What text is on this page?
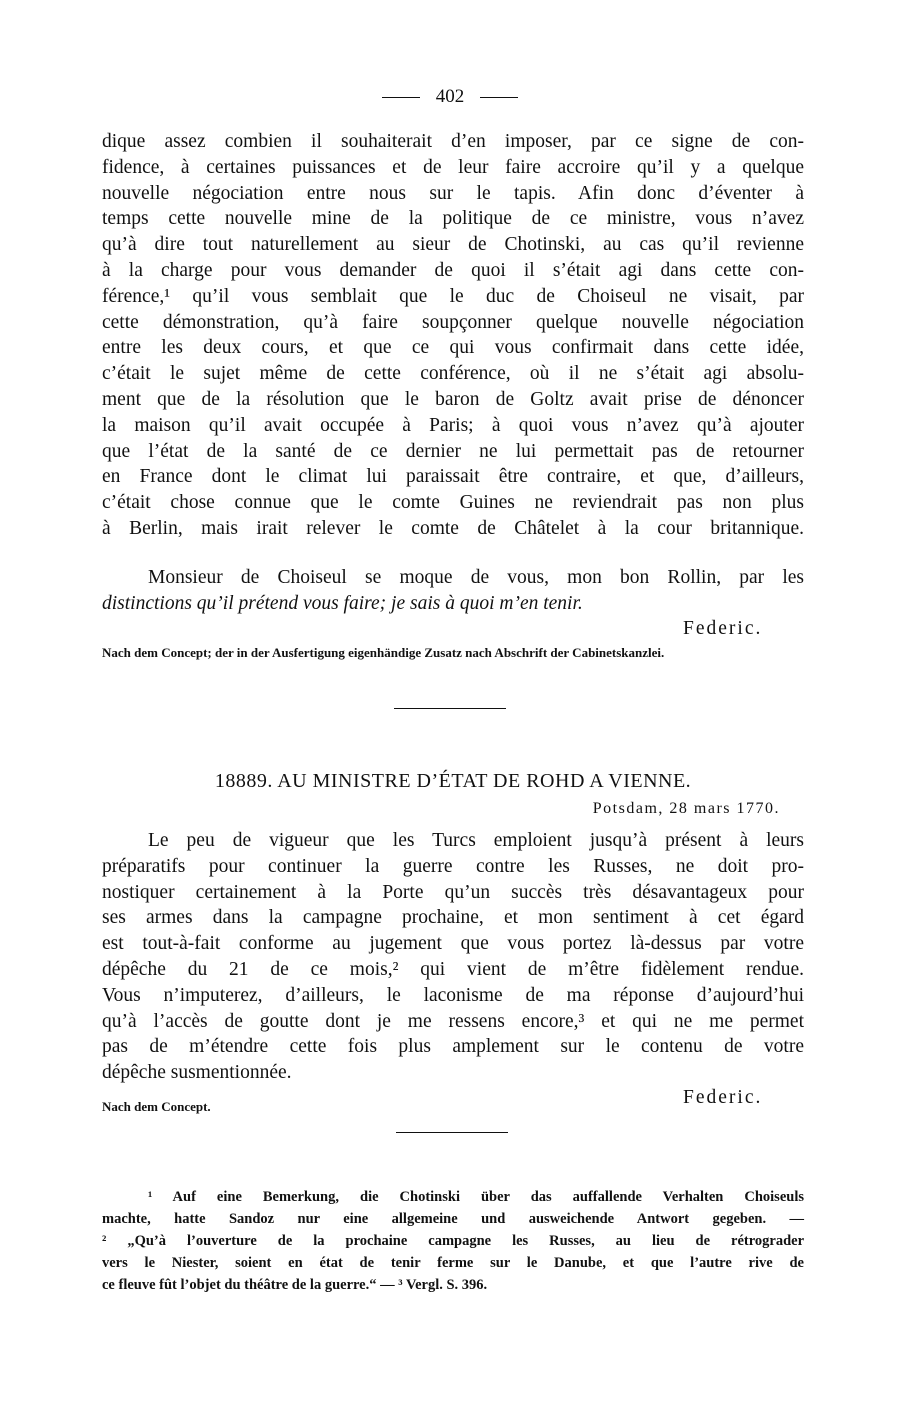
402
dique assez combien il souhaiterait d’en imposer, par ce signe de con-
fidence, à certaines puissances et de leur faire accroire qu’il y a quelque
nouvelle négociation entre nous sur le tapis. Afin donc d’éventer à
temps cette nouvelle mine de la politique de ce ministre, vous n’avez
qu’à dire tout naturellement au sieur de Chotinski, au cas qu’il revienne
à la charge pour vous demander de quoi il s’était agi dans cette con-
férence,¹ qu’il vous semblait que le duc de Choiseul ne visait, par
cette démonstration, qu’à faire soupçonner quelque nouvelle négociation
entre les deux cours, et que ce qui vous confirmait dans cette idée,
c’était le sujet même de cette conférence, où il ne s’était agi absolu-
ment que de la résolution que le baron de Goltz avait prise de dénoncer
la maison qu’il avait occupée à Paris; à quoi vous n’avez qu’à ajouter
que l’état de la santé de ce dernier ne lui permettait pas de retourner
en France dont le climat lui paraissait être contraire, et que, d’ailleurs,
c’était chose connue que le comte Guines ne reviendrait pas non plus
à Berlin, mais irait relever le comte de Châtelet à la cour britannique.
Monsieur de Choiseul se moque de vous, mon bon Rollin, par les
distinctions qu’il prétend vous faire; je sais à quoi m’en tenir.
Federic.
Nach dem Concept; der in der Ausfertigung eigenhändige Zusatz nach Abschrift der Cabinetskanzlei.
18889. AU MINISTRE D’ÉTAT DE ROHD A VIENNE.
Potsdam, 28 mars 1770.
Le peu de vigueur que les Turcs emploient jusqu’à présent à leurs
préparatifs pour continuer la guerre contre les Russes, ne doit pro-
nostiquer certainement à la Porte qu’un succès très désavantageux pour
ses armes dans la campagne prochaine, et mon sentiment à cet égard
est tout-à-fait conforme au jugement que vous portez là-dessus par votre
dépêche du 21 de ce mois,² qui vient de m’être fidèlement rendue.
Vous n’imputerez, d’ailleurs, le laconisme de ma réponse d’aujourd’hui
qu’à l’accès de goutte dont je me ressens encore,³ et qui ne me permet
pas de m’étendre cette fois plus amplement sur le contenu de votre
dépêche susmentionnée.
Nach dem Concept.	Federic.
¹ Auf eine Bemerkung, die Chotinski über das auffallende Verhalten Choiseuls
machte, hatte Sandoz nur eine allgemeine und ausweichende Antwort gegeben. —
² „Qu’à l’ouverture de la prochaine campagne les Russes, au lieu de rétrograder
vers le Niester, soient en état de tenir ferme sur le Danube, et que l’autre rive de
ce fleuve fût l’objet du théâtre de la guerre.“ — ³ Vergl. S. 396.
